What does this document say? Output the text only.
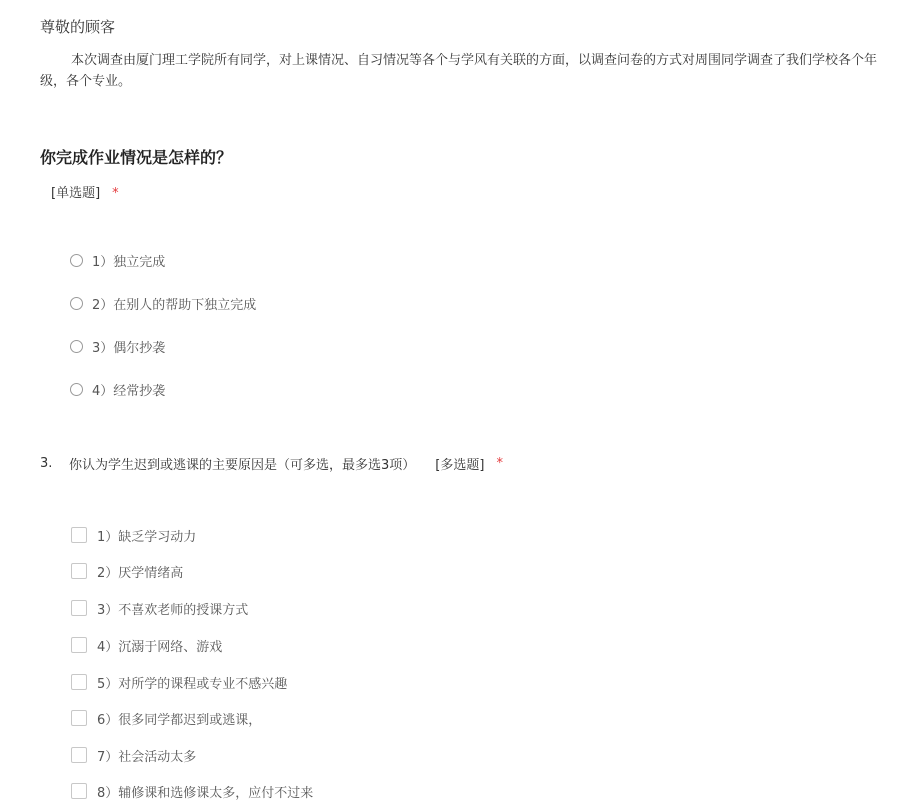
尊敬的顾客
本次调查由厦门理工学院所有同学，对上课情况、自习情况等各个与学风有关联的方面，以调查问卷的方式对周围同学调查了我们学校各个年级，各个专业。
你完成作业情况是怎样的？
[单选题] *
1）独立完成
2）在别人的帮助下独立完成
3）偶尔抄袭
4）经常抄袭
3.	你认为学生迟到或逃课的主要原因是（可多选，最多选3项） [多选题] *
1）缺乏学习动力
2）厌学情绪高
3）不喜欢老师的授课方式
4）沉溺于网络、游戏
5）对所学的课程或专业不感兴趣
6）很多同学都迟到或逃课，
7）社会活动太多
8）辅修课和选修课太多，应付不过来
